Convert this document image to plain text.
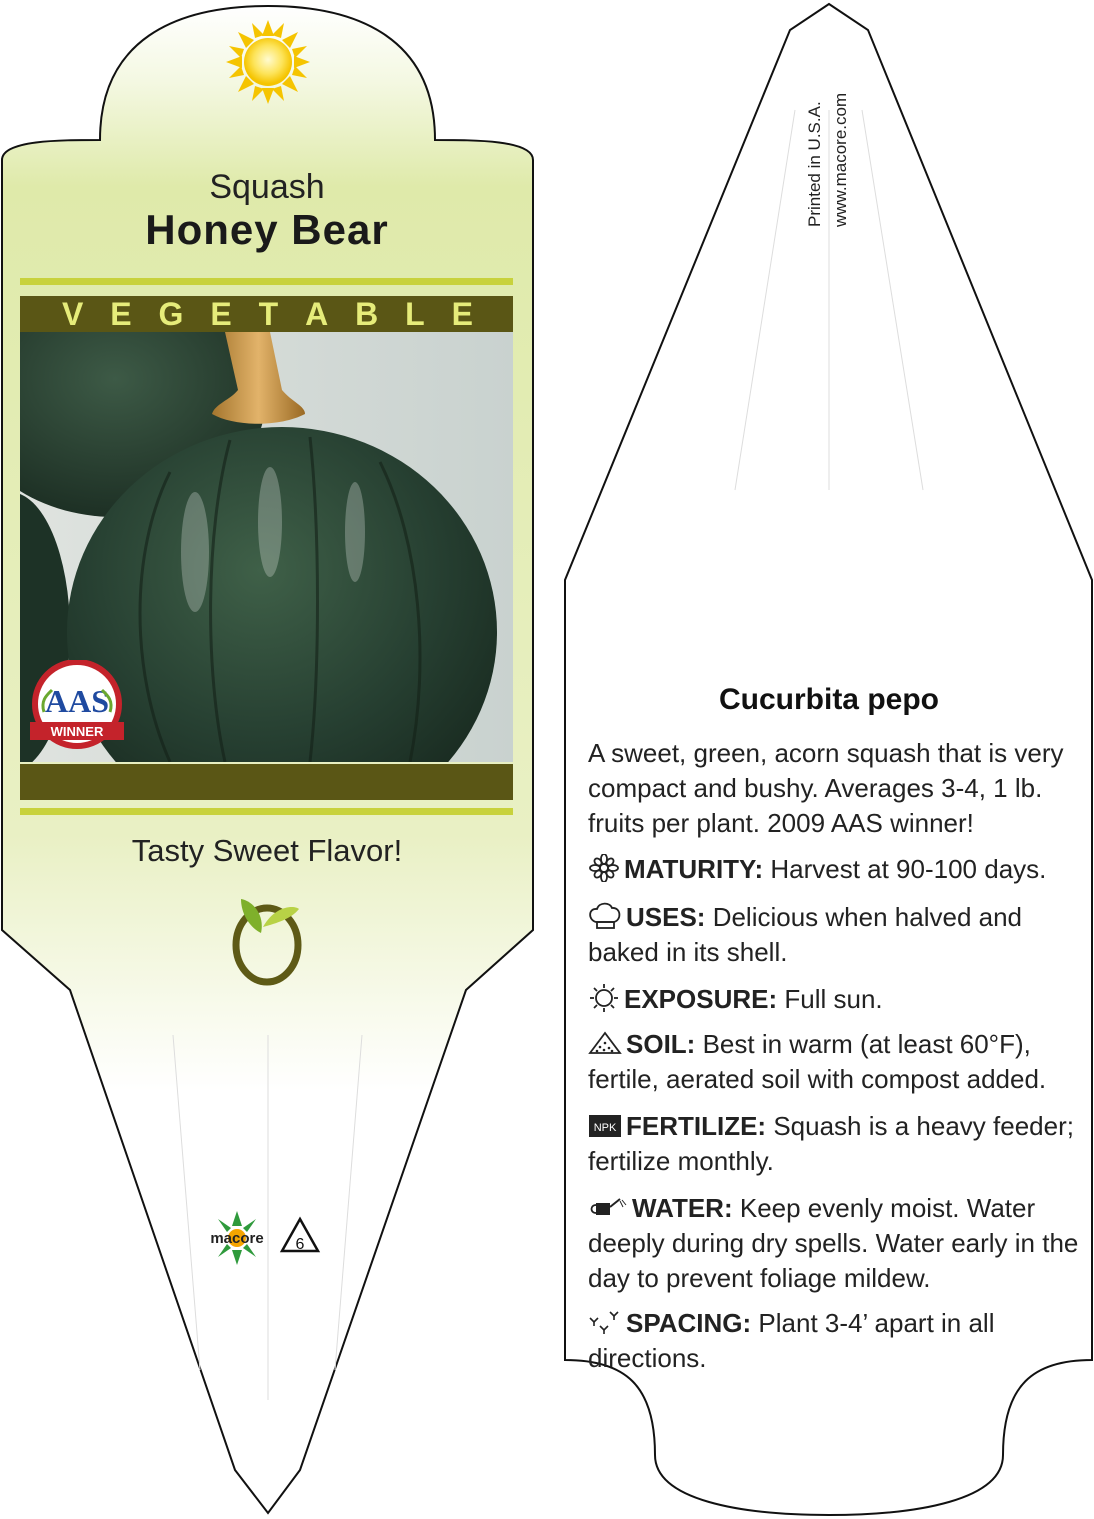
Squash
Honey Bear
V E G E T A B L E
AAS
WINNER
Tasty Sweet Flavor!
macore 6
Printed in U.S.A. www.macore.com
Cucurbita pepo
A sweet, green, acorn squash that is very compact and bushy. Averages 3-4, 1 lb. fruits per plant. 2009 AAS winner!
MATURITY: Harvest at 90-100 days.
USES: Delicious when halved and baked in its shell.
EXPOSURE: Full sun.
SOIL: Best in warm (at least 60°F), fertile, aerated soil with compost added.
NPK FERTILIZE: Squash is a heavy feeder; fertilize monthly.
WATER: Keep evenly moist. Water deeply during dry spells. Water early in the day to prevent foliage mildew.
SPACING: Plant 3-4’ apart in all directions.
